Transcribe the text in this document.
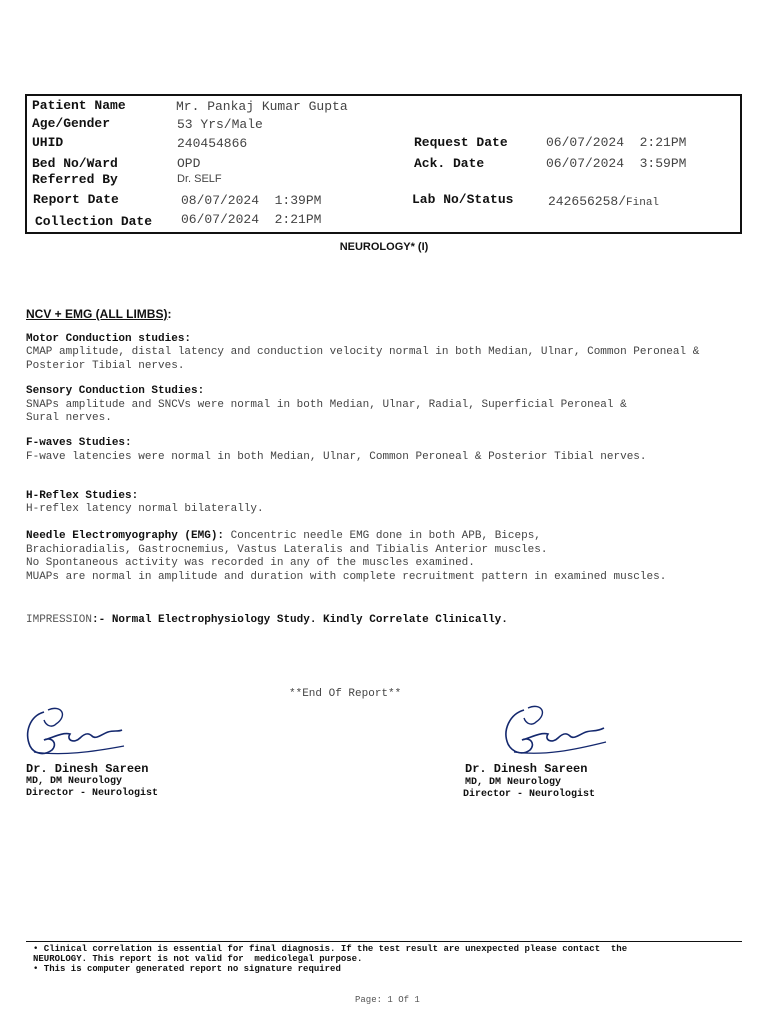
Patient Name	Mr. Pankaj Kumar Gupta
Age/Gender	53 Yrs/Male
UHID	240454866
Bed No/Ward	OPD
Referred By	Dr. SELF
Report Date	08/07/2024  1:39PM
Collection Date 06/07/2024  2:21PM
Request Date	06/07/2024  2:21PM
Ack. Date	06/07/2024  3:59PM
Lab No/Status	242656258/Final
NEUROLOGY* (I)
NCV + EMG (ALL LIMBS):
Motor Conduction studies:
CMAP amplitude, distal latency and conduction velocity normal in both Median, Ulnar, Common Peroneal & Posterior Tibial nerves.
Sensory Conduction Studies:
SNAPs amplitude and SNCVs were normal in both Median, Ulnar, Radial, Superficial Peroneal &
Sural nerves.
F-waves Studies:
F-wave latencies were normal in both Median, Ulnar, Common Peroneal & Posterior Tibial nerves.
H-Reflex Studies:
H-reflex latency normal bilaterally.
Needle Electromyography (EMG): Concentric needle EMG done in both APB, Biceps, Brachioradialis, Gastrocnemius, Vastus Lateralis and Tibialis Anterior muscles.
No Spontaneous activity was recorded in any of the muscles examined.
MUAPs are normal in amplitude and duration with complete recruitment pattern in examined muscles.
IMPRESSION:- Normal Electrophysiology Study. Kindly Correlate Clinically.
**End Of Report**
Dr. Dinesh Sareen
MD, DM Neurology
Director - Neurologist
Dr. Dinesh Sareen
MD, DM Neurology
Director - Neurologist
• Clinical correlation is essential for final diagnosis. If the test result are unexpected please contact  the
NEUROLOGY. This report is not valid for  medicolegal purpose.
• This is computer generated report no signature required
Page: 1 Of 1
